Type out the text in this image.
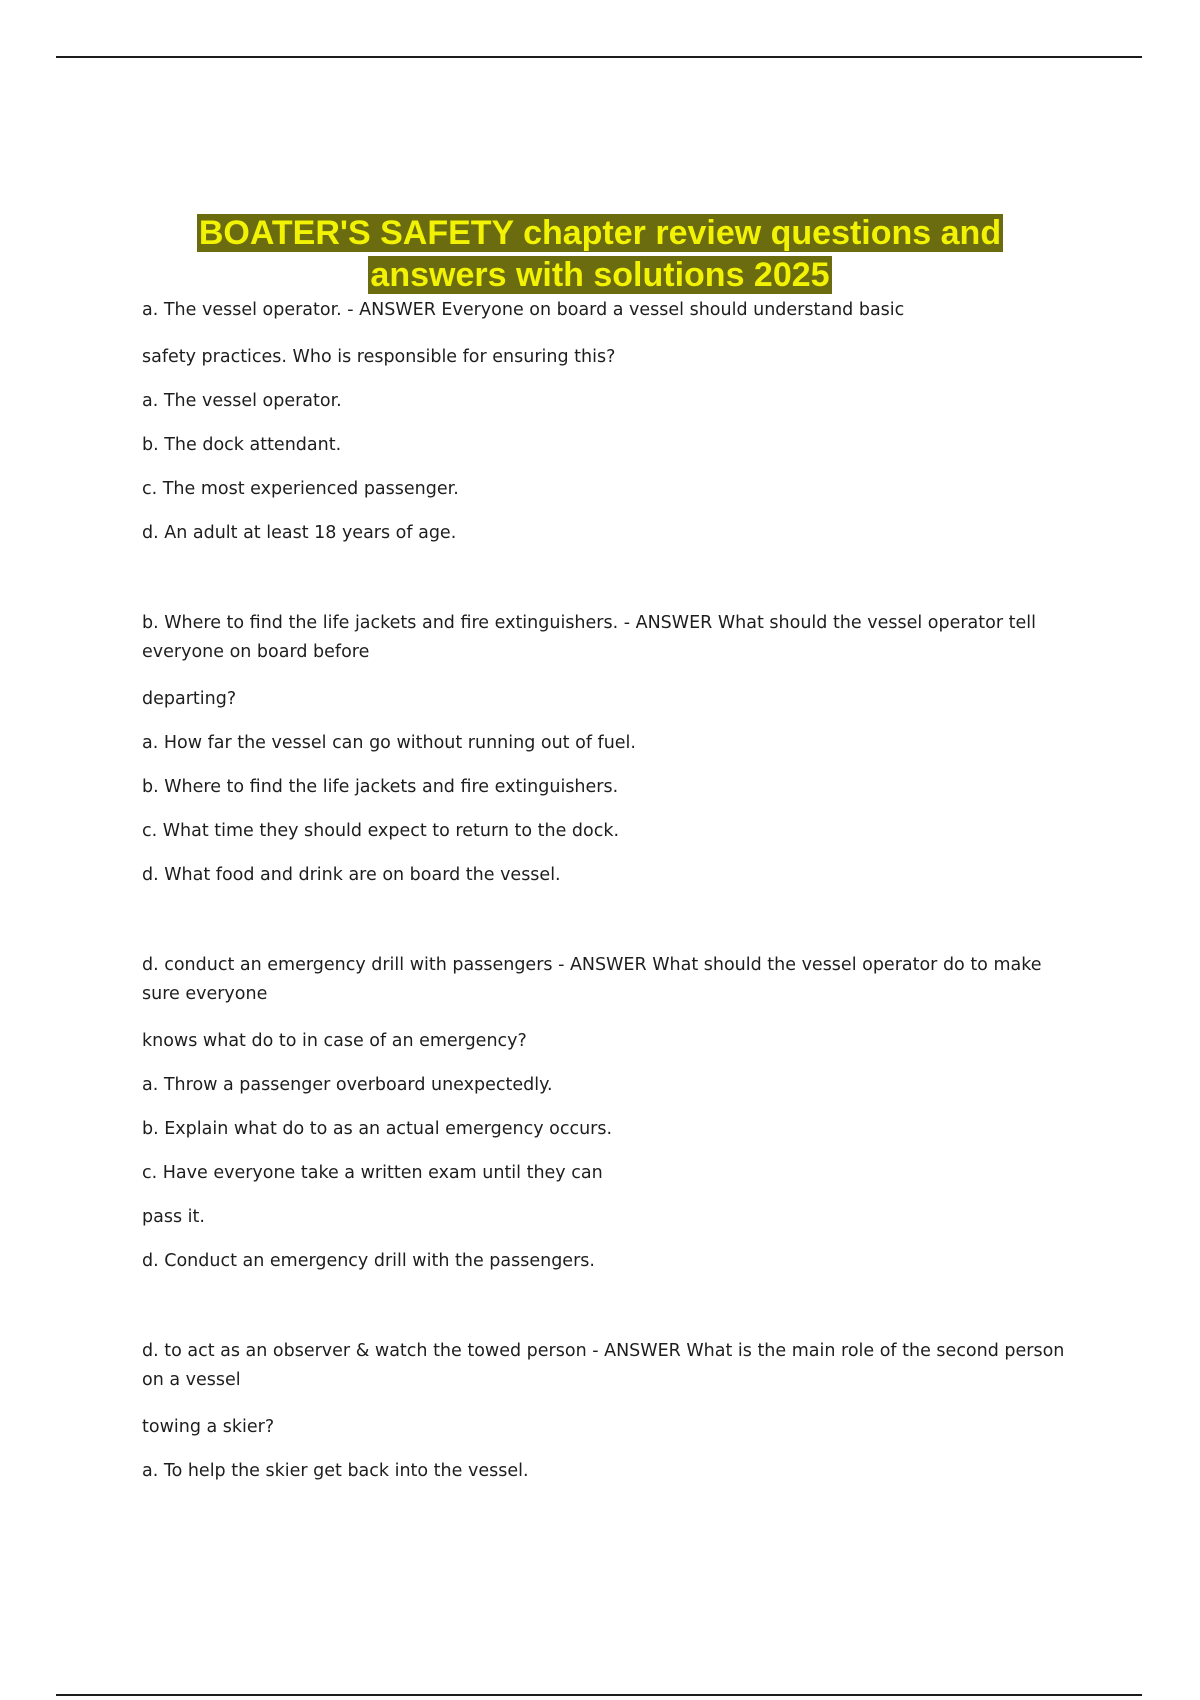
BOATER'S SAFETY chapter review questions and
answers with solutions 2025

a. The vessel operator. - ANSWER Everyone on board a vessel should understand basic

safety practices. Who is responsible for ensuring this?

a. The vessel operator.

b. The dock attendant.

c. The most experienced passenger.

d. An adult at least 18 years of age.

b. Where to find the life jackets and fire extinguishers. - ANSWER What should the vessel operator tell everyone on board before

departing?

a. How far the vessel can go without running out of fuel.

b. Where to find the life jackets and fire extinguishers.

c. What time they should expect to return to the dock.

d. What food and drink are on board the vessel.

d. conduct an emergency drill with passengers - ANSWER What should the vessel operator do to make sure everyone

knows what do to in case of an emergency?

a. Throw a passenger overboard unexpectedly.

b. Explain what do to as an actual emergency occurs.

c. Have everyone take a written exam until they can

pass it.

d. Conduct an emergency drill with the passengers.

d. to act as an observer & watch the towed person - ANSWER What is the main role of the second person on a vessel

towing a skier?

a. To help the skier get back into the vessel.
